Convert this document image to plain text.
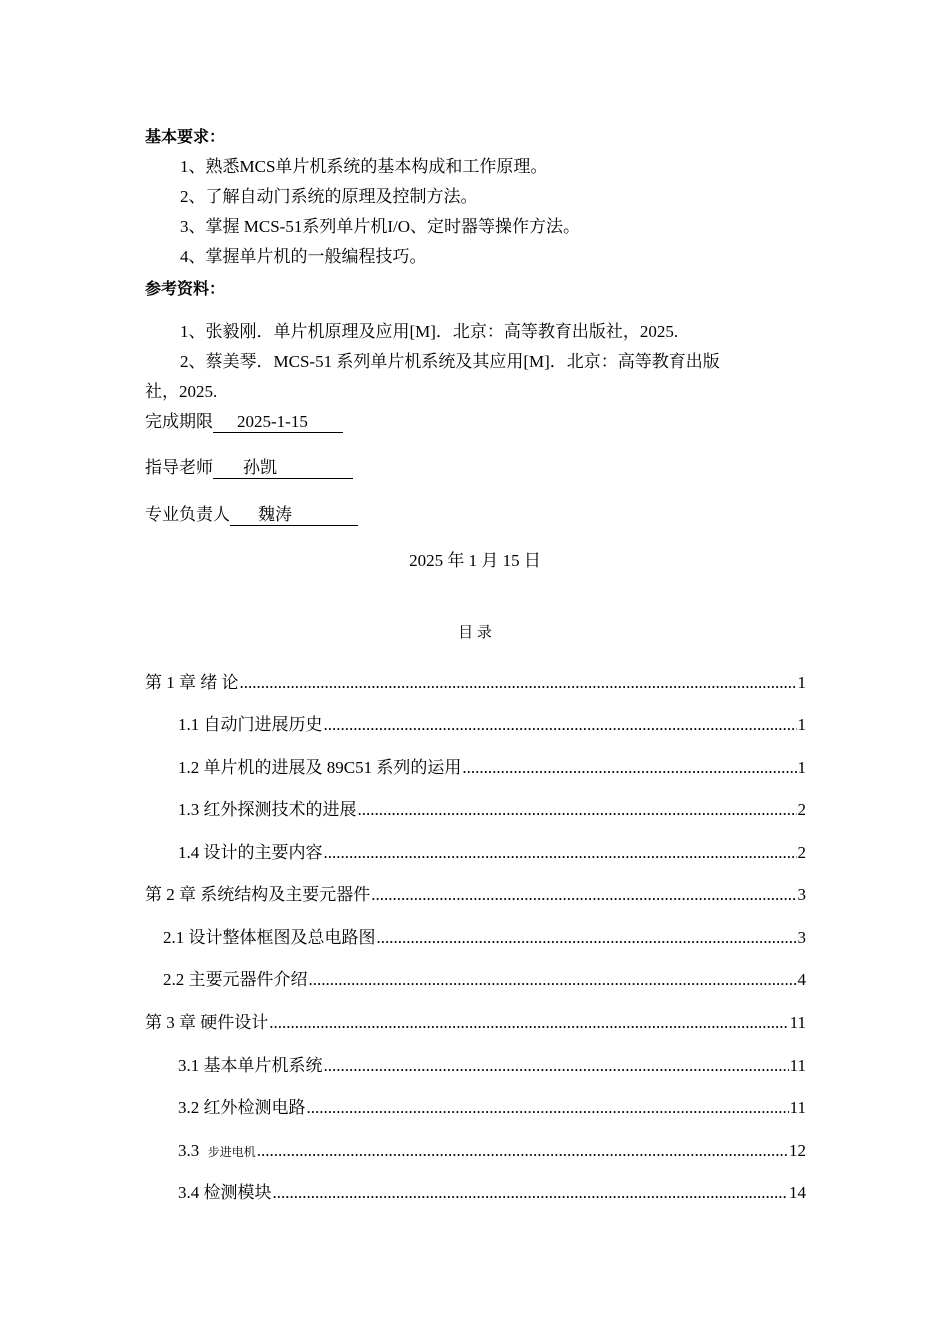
基本要求：
1、熟悉MCS单片机系统的基本构成和工作原理。
2、了解自动门系统的原理及控制方法。
3、掌握 MCS-51系列单片机I/O、定时器等操作方法。
4、掌握单片机的一般编程技巧。
参考资料：
1、张毅刚．单片机原理及应用[M]．北京：高等教育出版社，2025.
2、蔡美琴．MCS-51 系列单片机系统及其应用[M]．北京：高等教育出版
社，2025.
完成期限 2025-1-15
指导老师 孙凯
专业负责人 魏涛
2025 年 1 月 15 日
目 录
第 1 章 绪 论 .....	1
1.1 自动门进展历史 .....	1
1.2 单片机的进展及 89C51 系列的运用 .....	1
1.3 红外探测技术的进展 .....	2
1.4 设计的主要内容 .....	2
第 2 章 系统结构及主要元器件 .....	3
2.1 设计整体框图及总电路图 .....	3
2.2 主要元器件介绍 .....	4
第 3 章 硬件设计 .....	11
3.1 基本单片机系统 .....	11
3.2 红外检测电路 .....	11
3.3 步进电机 .....	12
3.4 检测模块 .....	14
